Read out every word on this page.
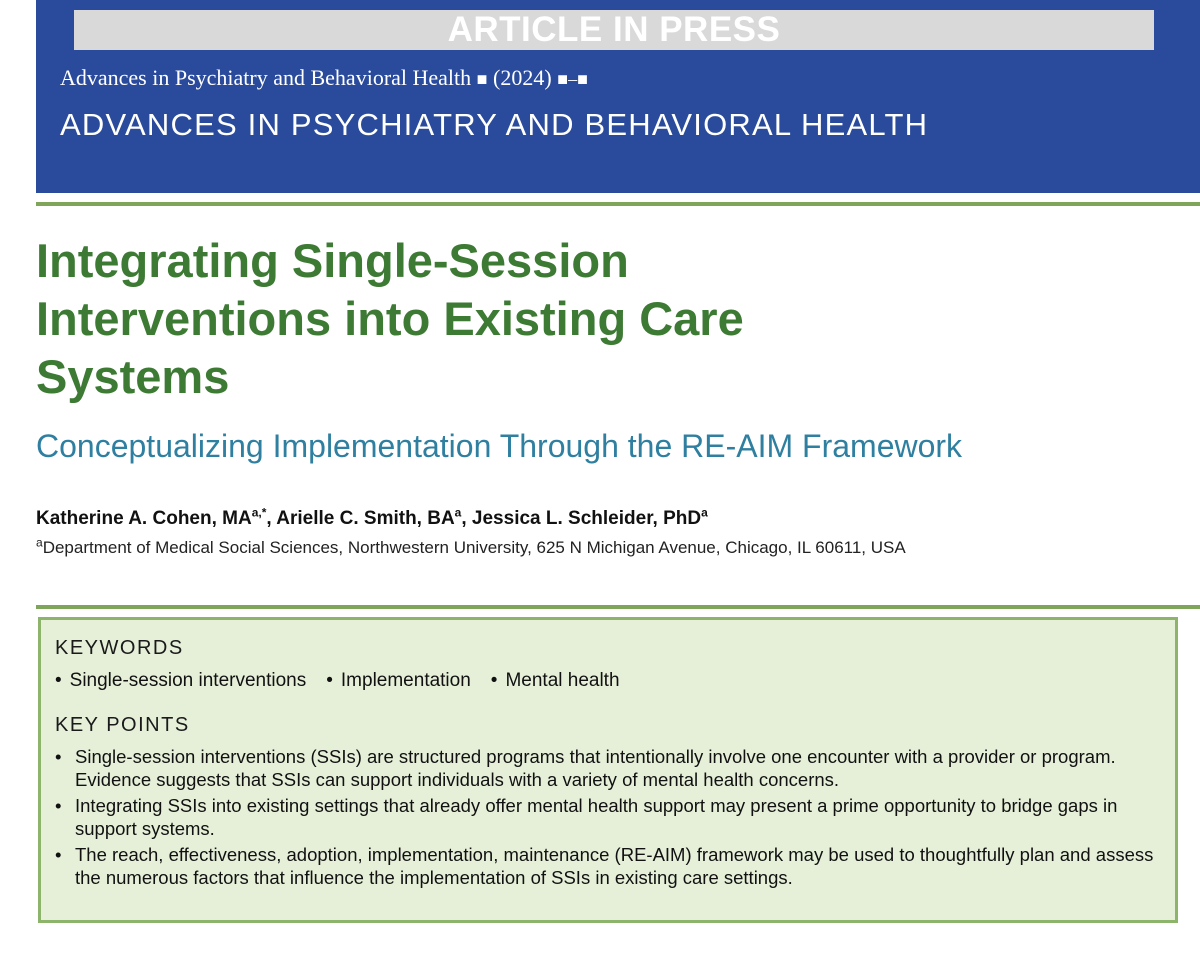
ARTICLE IN PRESS
Advances in Psychiatry and Behavioral Health ■ (2024) ■–■
ADVANCES IN PSYCHIATRY AND BEHAVIORAL HEALTH
Integrating Single-Session Interventions into Existing Care Systems
Conceptualizing Implementation Through the RE-AIM Framework
Katherine A. Cohen, $MA^{a,*}$, Arielle C. Smith, $BA^a$, Jessica L. Schleider, PhD$^a$
$^a$Department of Medical Social Sciences, Northwestern University, 625 N Michigan Avenue, Chicago, IL 60611, USA
KEYWORDS
• Single-session interventions	• Implementation	• Mental health
KEY POINTS
• Single-session interventions (SSIs) are structured programs that intentionally involve one encounter with a provider or program. Evidence suggests that SSIs can support individuals with a variety of mental health concerns.
• Integrating SSIs into existing settings that already offer mental health support may present a prime opportunity to bridge gaps in support systems.
• The reach, effectiveness, adoption, implementation, maintenance (RE-AIM) framework may be used to thoughtfully plan and assess the numerous factors that influence the implementation of SSIs in existing care settings.
